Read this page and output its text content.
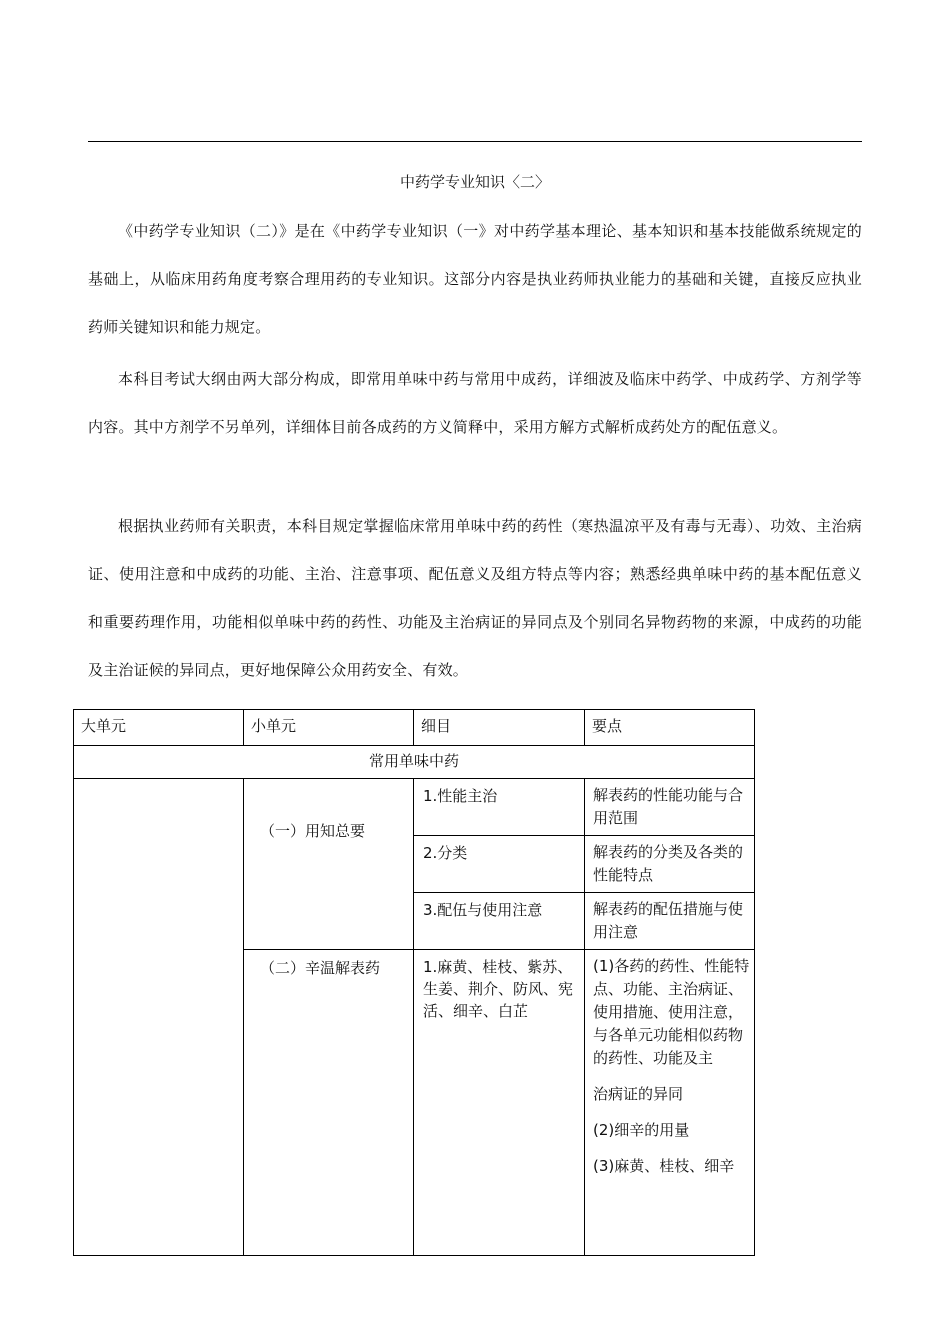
中药学专业知识〈二〉
《中药学专业知识（二）》是在《中药学专业知识（一》对中药学基本理论、基本知识和基本技能做系统规定的基础上，从临床用药角度考察合理用药的专业知识。这部分内容是执业药师执业能力的基础和关键，直接反应执业药师关键知识和能力规定。
本科目考试大纲由两大部分构成，即常用单味中药与常用中成药，详细波及临床中药学、中成药学、方剂学等内容。其中方剂学不另单列，详细体目前各成药的方义简释中，采用方解方式解析成药处方的配伍意义。
根据执业药师有关职责，本科目规定掌握临床常用单味中药的药性（寒热温凉平及有毒与无毒）、功效、主治病证、使用注意和中成药的功能、主治、注意事项、配伍意义及组方特点等内容；熟悉经典单味中药的基本配伍意义和重要药理作用，功能相似单味中药的药性、功能及主治病证的异同点及个别同名异物药物的来源，中成药的功能及主治证候的异同点，更好地保障公众用药安全、有效。
大单元	小单元	细目	要点
常用单味中药			
	（一）用知总要	1.性能主治	解表药的性能功能与合用范围
		2.分类	解表药的分类及各类的性能特点
		3.配伍与使用注意	解表药的配伍措施与使用注意
	（二）辛温解表药	1.麻黄、桂枝、紫苏、生姜、荆介、防风、宪活、细辛、白芷	(1)各药的药性、性能特点、功能、主治病证、使用措施、使用注意，
与各单元功能相似药物的药性、功能及主
治病证的异同
(2)细辛的用量
(3)麻黄、桂枝、细辛
